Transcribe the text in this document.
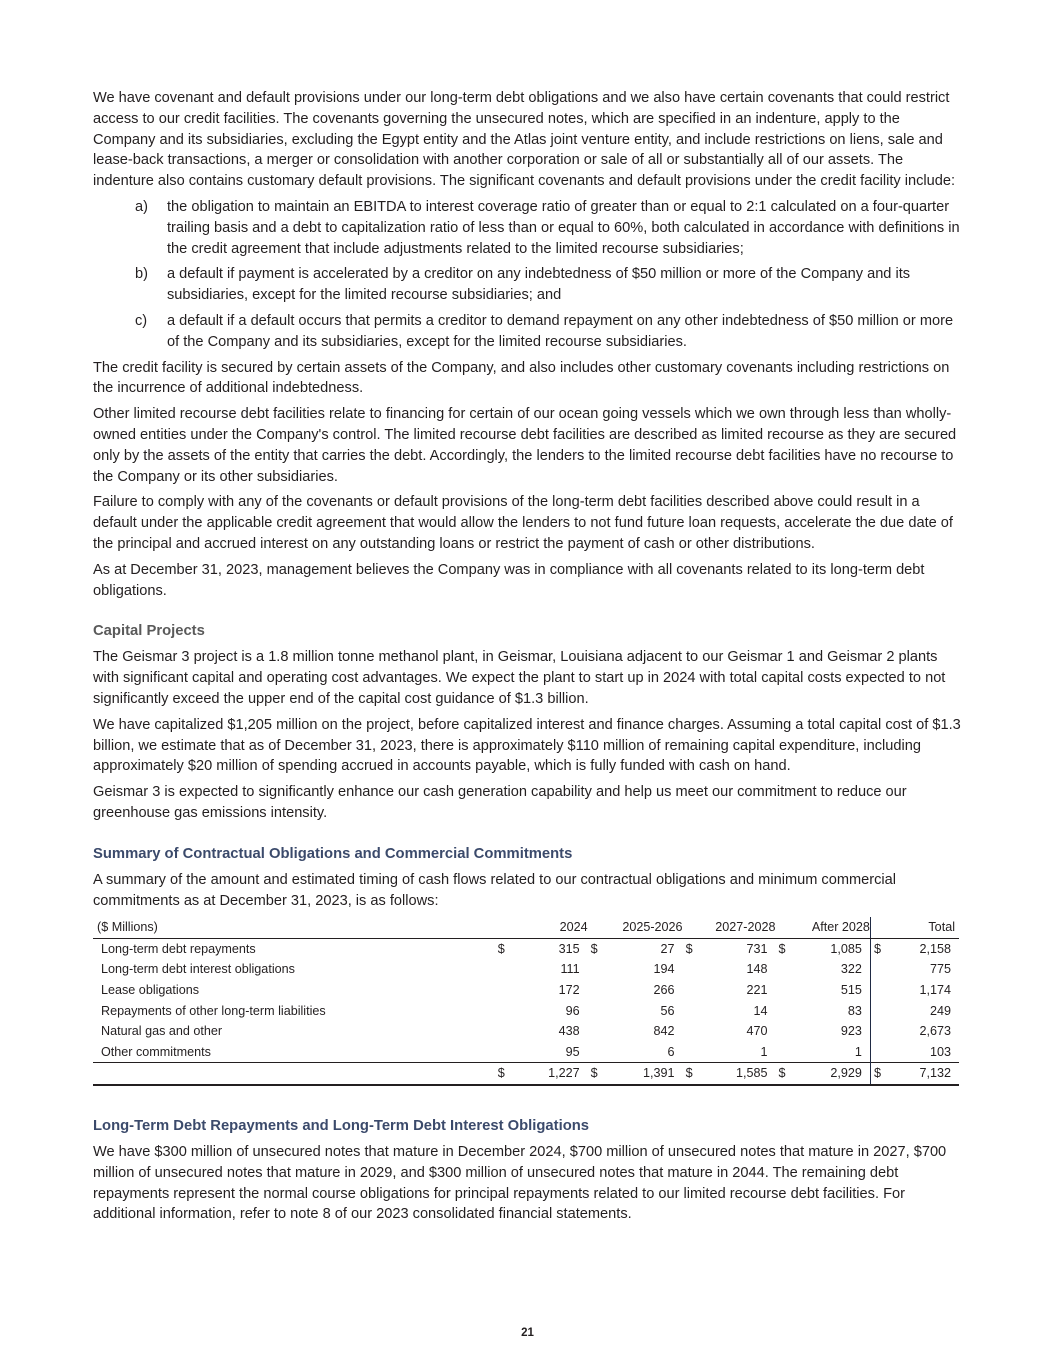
We have covenant and default provisions under our long-term debt obligations and we also have certain covenants that could restrict access to our credit facilities. The covenants governing the unsecured notes, which are specified in an indenture, apply to the Company and its subsidiaries, excluding the Egypt entity and the Atlas joint venture entity, and include restrictions on liens, sale and lease-back transactions, a merger or consolidation with another corporation or sale of all or substantially all of our assets. The indenture also contains customary default provisions. The significant covenants and default provisions under the credit facility include:

a) the obligation to maintain an EBITDA to interest coverage ratio of greater than or equal to 2:1 calculated on a four-quarter trailing basis and a debt to capitalization ratio of less than or equal to 60%, both calculated in accordance with definitions in the credit agreement that include adjustments related to the limited recourse subsidiaries;
b) a default if payment is accelerated by a creditor on any indebtedness of $50 million or more of the Company and its subsidiaries, except for the limited recourse subsidiaries; and
c) a default if a default occurs that permits a creditor to demand repayment on any other indebtedness of $50 million or more of the Company and its subsidiaries, except for the limited recourse subsidiaries.

The credit facility is secured by certain assets of the Company, and also includes other customary covenants including restrictions on the incurrence of additional indebtedness.

Other limited recourse debt facilities relate to financing for certain of our ocean going vessels which we own through less than wholly-owned entities under the Company's control. The limited recourse debt facilities are described as limited recourse as they are secured only by the assets of the entity that carries the debt. Accordingly, the lenders to the limited recourse debt facilities have no recourse to the Company or its other subsidiaries.

Failure to comply with any of the covenants or default provisions of the long-term debt facilities described above could result in a default under the applicable credit agreement that would allow the lenders to not fund future loan requests, accelerate the due date of the principal and accrued interest on any outstanding loans or restrict the payment of cash or other distributions.

As at December 31, 2023, management believes the Company was in compliance with all covenants related to its long-term debt obligations.

Capital Projects

The Geismar 3 project is a 1.8 million tonne methanol plant, in Geismar, Louisiana adjacent to our Geismar 1 and Geismar 2 plants with significant capital and operating cost advantages. We expect the plant to start up in 2024 with total capital costs expected to not significantly exceed the upper end of the capital cost guidance of $1.3 billion.

We have capitalized $1,205 million on the project, before capitalized interest and finance charges. Assuming a total capital cost of $1.3 billion, we estimate that as of December 31, 2023, there is approximately $110 million of remaining capital expenditure, including approximately $20 million of spending accrued in accounts payable, which is fully funded with cash on hand.

Geismar 3 is expected to significantly enhance our cash generation capability and help us meet our commitment to reduce our greenhouse gas emissions intensity.

Summary of Contractual Obligations and Commercial Commitments

A summary of the amount and estimated timing of cash flows related to our contractual obligations and minimum commercial commitments as at December 31, 2023, is as follows:

($ Millions)	2024		2025-2026		2027-2028		After 2028		Total	
Long-term debt repayments	$	315	$	27	$	731	$	1,085	$	2,158
Long-term debt interest obligations		111		194		148		322		775
Lease obligations		172		266		221		515		1,174
Repayments of other long-term liabilities		96		56		14		83		249
Natural gas and other		438		842		470		923		2,673
Other commitments		95		6		1		1		103
	$	1,227	$	1,391	$	1,585	$	2,929	$	7,132
Long-Term Debt Repayments and Long-Term Debt Interest Obligations

We have $300 million of unsecured notes that mature in December 2024, $700 million of unsecured notes that mature in 2027, $700 million of unsecured notes that mature in 2029, and $300 million of unsecured notes that mature in 2044. The remaining debt repayments represent the normal course obligations for principal repayments related to our limited recourse debt facilities. For additional information, refer to note 8 of our 2023 consolidated financial statements.

21
